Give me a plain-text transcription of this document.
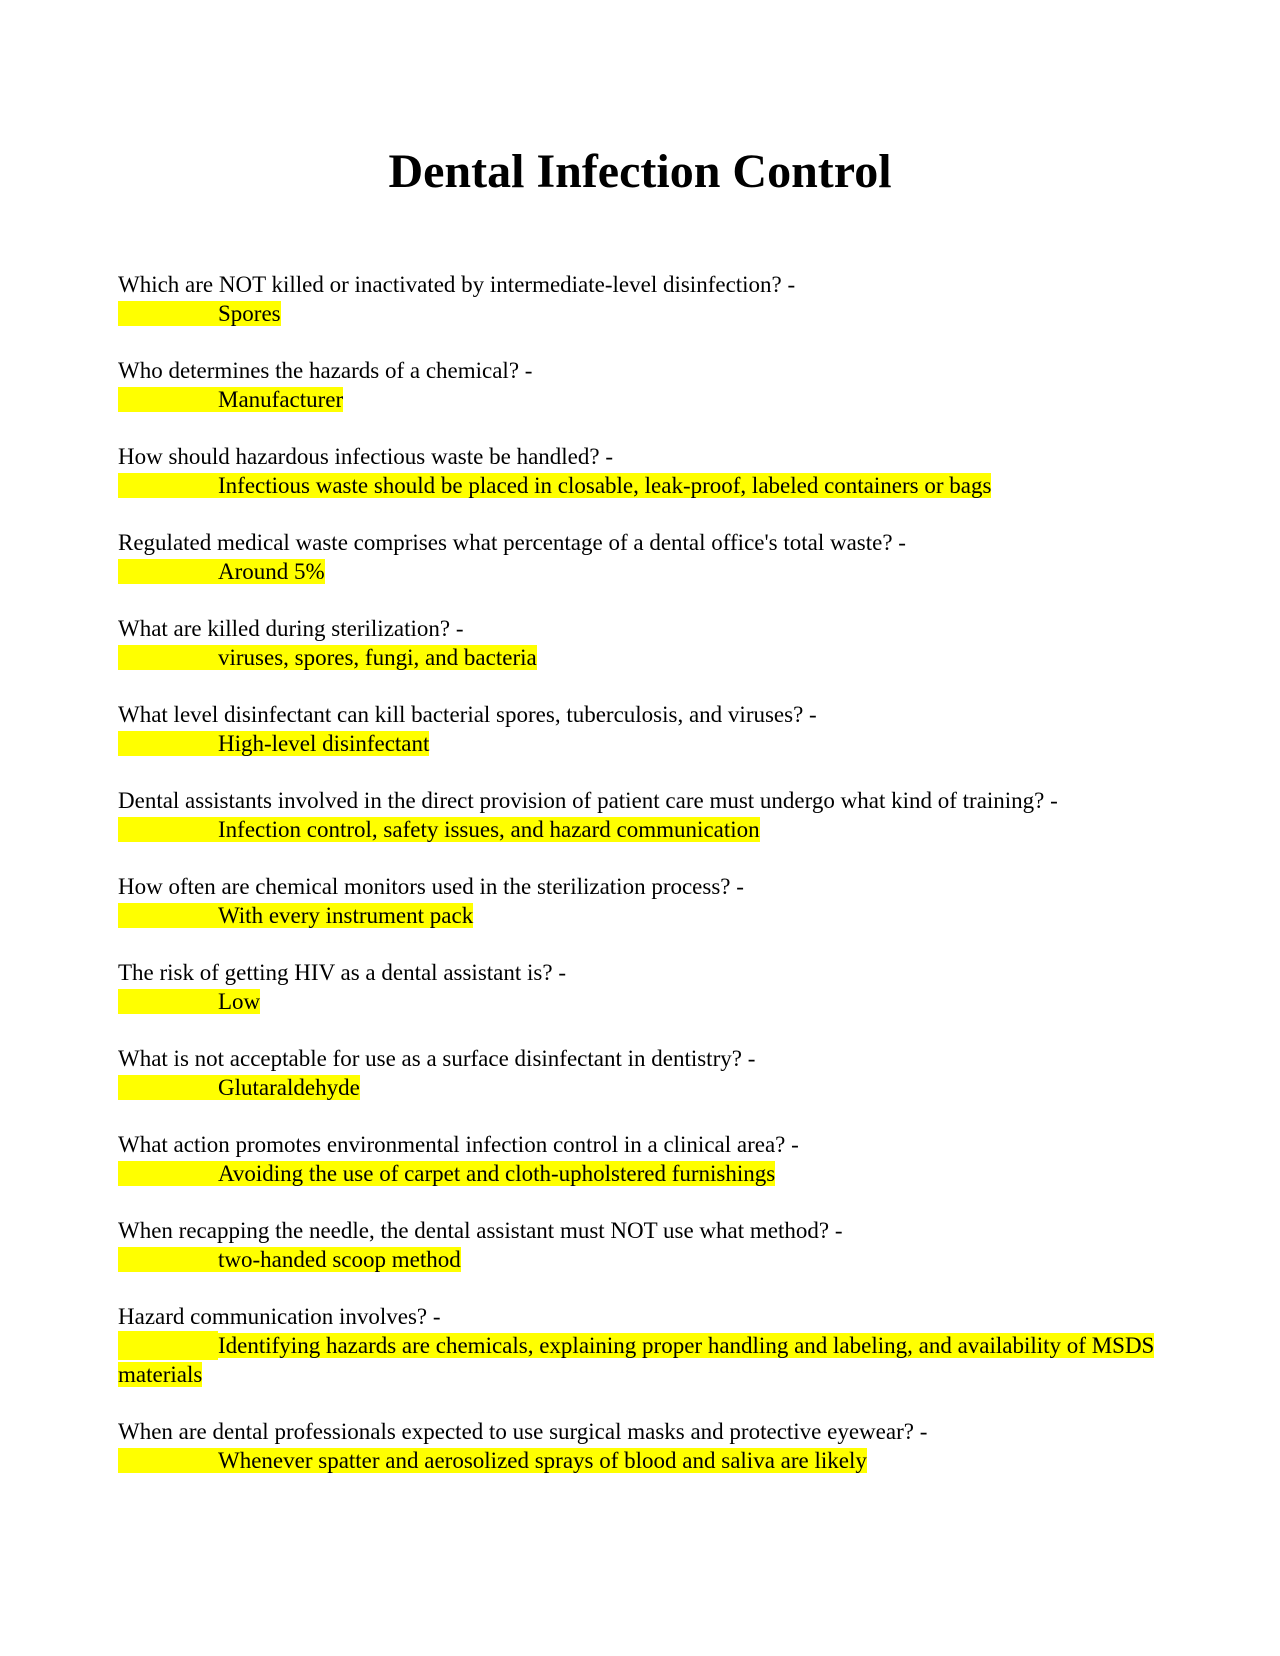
Dental Infection Control
Which are NOT killed or inactivated by intermediate-level disinfection? -
Spores
Who determines the hazards of a chemical? -
Manufacturer
How should hazardous infectious waste be handled? -
Infectious waste should be placed in closable, leak-proof, labeled containers or bags
Regulated medical waste comprises what percentage of a dental office's total waste? -
Around 5%
What are killed during sterilization? -
viruses, spores, fungi, and bacteria
What level disinfectant can kill bacterial spores, tuberculosis, and viruses? -
High-level disinfectant
Dental assistants involved in the direct provision of patient care must undergo what kind of training? -
Infection control, safety issues, and hazard communication
How often are chemical monitors used in the sterilization process? -
With every instrument pack
The risk of getting HIV as a dental assistant is? -
Low
What is not acceptable for use as a surface disinfectant in dentistry? -
Glutaraldehyde
What action promotes environmental infection control in a clinical area? -
Avoiding the use of carpet and cloth-upholstered furnishings
When recapping the needle, the dental assistant must NOT use what method? -
two-handed scoop method
Hazard communication involves? -
Identifying hazards are chemicals, explaining proper handling and labeling, and availability of MSDS materials
When are dental professionals expected to use surgical masks and protective eyewear? -
Whenever spatter and aerosolized sprays of blood and saliva are likely
